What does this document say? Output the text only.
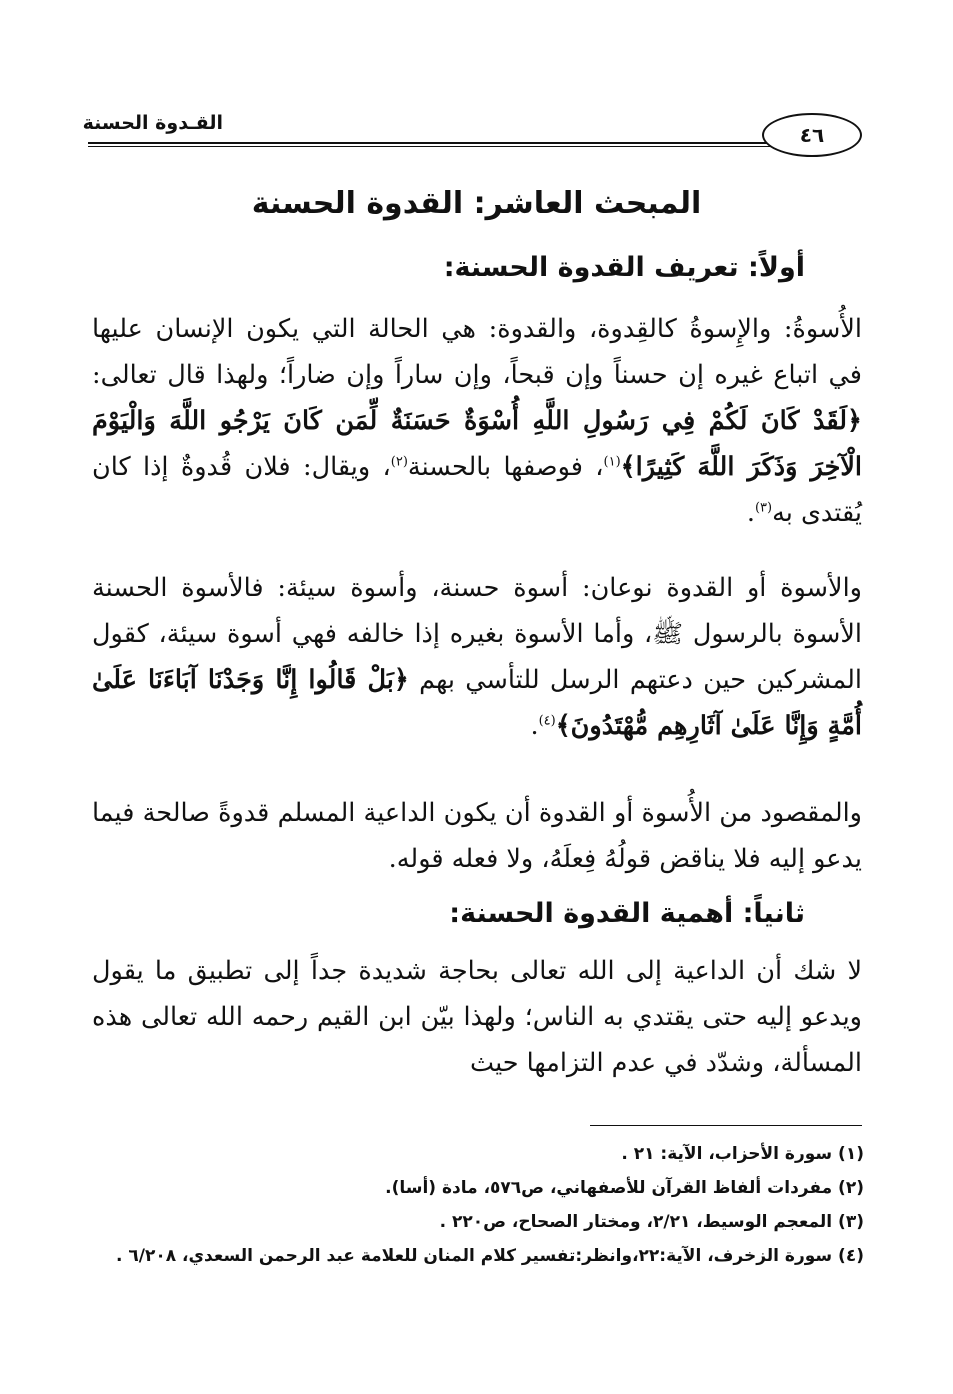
القـدوة الحسنة	٤٦
المبحث العاشر: القدوة الحسنة
أولاً: تعريف القدوة الحسنة:
الأُسوةُ: والإِسوةُ كالقِدوة، والقدوة: هي الحالة التي يكون الإنسان عليها في اتباع غيره إن حسناً وإن قبحاً، وإن ساراً وإن ضاراً؛ ولهذا قال تعالى: ﴿لَقَدْ كَانَ لَكُمْ فِي رَسُولِ اللَّهِ أُسْوَةٌ حَسَنَةٌ لِّمَن كَانَ يَرْجُو اللَّهَ وَالْيَوْمَ الْآخِرَ وَذَكَرَ اللَّهَ كَثِيرًا﴾$^{(١)}$، فوصفها بالحسنة$^{(٢)}$، ويقال: فلان قُدوةٌ إذا كان يُقتدى به$^{(٣)}$.
والأسوة أو القدوة نوعان: أسوة حسنة، وأسوة سيئة: فالأسوة الحسنة الأسوة بالرسول ﷺ، وأما الأسوة بغيره إذا خالفه فهي أسوة سيئة، كقول المشركين حين دعتهم الرسل للتأسي بهم ﴿بَلْ قَالُوا إِنَّا وَجَدْنَا آبَاءَنَا عَلَىٰ أُمَّةٍ وَإِنَّا عَلَىٰ آثَارِهِم مُّهْتَدُونَ﴾$^{(٤)}$.
والمقصود من الأُسوة أو القدوة أن يكون الداعية المسلم قدوةً صالحة فيما يدعو إليه فلا يناقض قولُهُ فِعلَهُ، ولا فعله قوله.
ثانياً: أهمية القدوة الحسنة:
لا شك أن الداعية إلى الله تعالى بحاجة شديدة جداً إلى تطبيق ما يقول ويدعو إليه حتى يقتدي به الناس؛ ولهذا بيّن ابن القيم رحمه الله تعالى هذه المسألة، وشدّد في عدم التزامها حيث
(١) سورة الأحزاب، الآية: ٢١ .
(٢) مفردات ألفاظ القرآن للأصفهاني، ص٥٧٦، مادة (أسا).
(٣) المعجم الوسيط، ٢/٢١، ومختار الصحاح، ص٢٢٠ .
(٤) سورة الزخرف، الآية:٢٢،وانظر:تفسير كلام المنان للعلامة عبد الرحمن السعدي، ٦/٢٠٨ .
